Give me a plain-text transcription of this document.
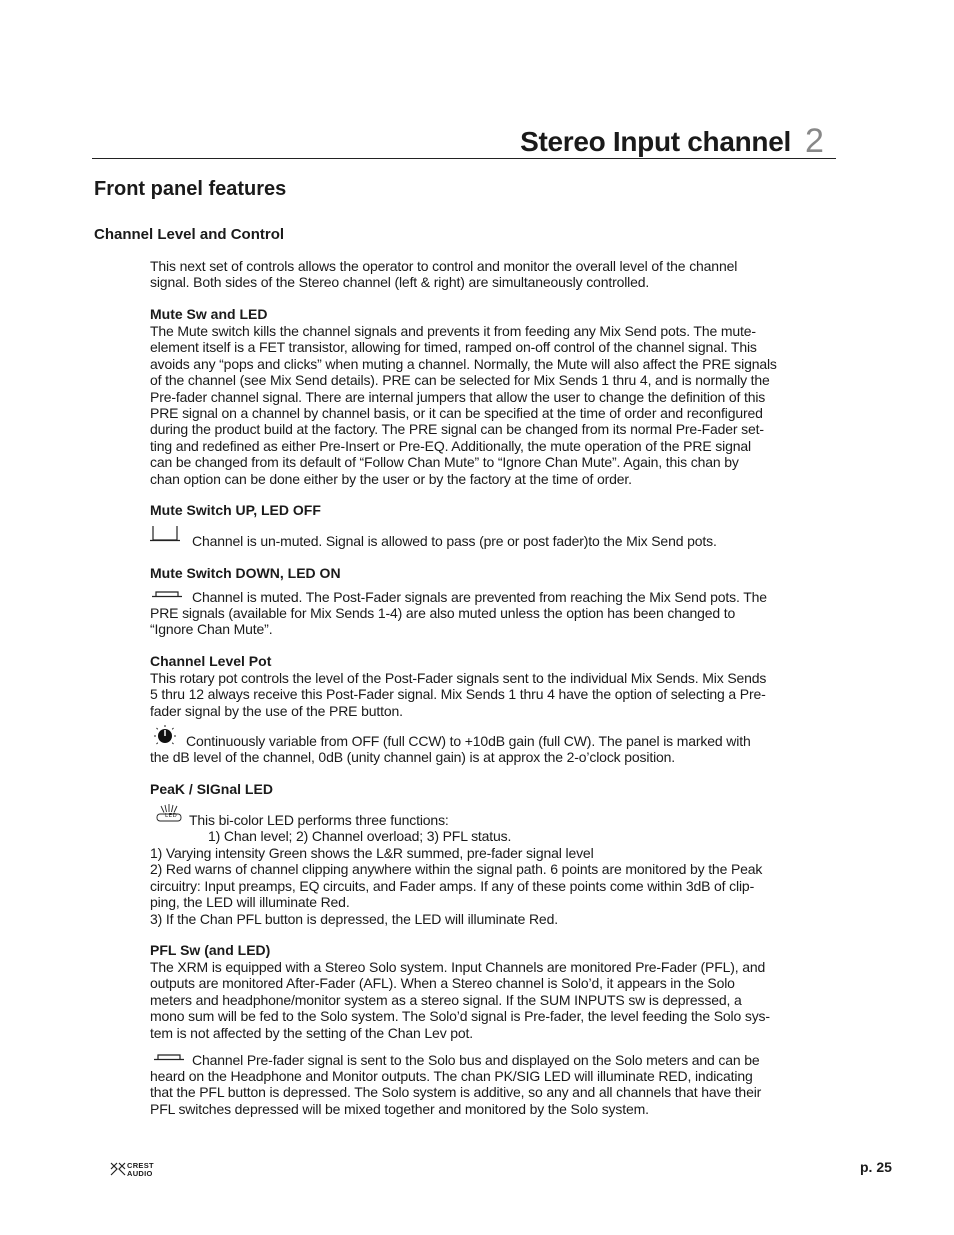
Stereo Input channel 2
Front panel features
Channel Level and Control
This next set of controls allows the operator to control and monitor the overall level of the channel
signal. Both sides of the Stereo channel (left & right) are simultaneously controlled.
Mute Sw and LED
The Mute switch kills the channel signals and prevents it from feeding any Mix Send pots. The mute-
element itself is a FET transistor, allowing for timed, ramped on-off control of the channel signal. This
avoids any “pops and clicks” when muting a channel. Normally, the Mute will also affect the PRE signals
of the channel (see Mix Send details). PRE can be selected for Mix Sends 1 thru 4, and is normally the
Pre-fader channel signal. There are internal jumpers that allow the user to change the definition of this
PRE signal on a channel by channel basis, or it can be specified at the time of order and reconfigured
during the product build at the factory. The PRE signal can be changed from its normal Pre-Fader set-
ting and redefined as either Pre-Insert or Pre-EQ. Additionally, the mute operation of the PRE signal
can be changed from its default of “Follow Chan Mute” to “Ignore Chan Mute”. Again, this chan by
chan option can be done either by the user or by the factory at the time of order.
Mute Switch UP, LED OFF
Channel is un-muted. Signal is allowed to pass (pre or post fader)to the Mix Send pots.
Mute Switch DOWN, LED ON
Channel is muted. The Post-Fader signals are prevented from reaching the Mix Send pots. The
PRE signals (available for Mix Sends 1-4) are also muted unless the option has been changed to
“Ignore Chan Mute”.
Channel Level Pot
This rotary pot controls the level of the Post-Fader signals sent to the individual Mix Sends. Mix Sends
5 thru 12 always receive this Post-Fader signal. Mix Sends 1 thru 4 have the option of selecting a Pre-
fader signal by the use of the PRE button.
Continuously variable from OFF (full CCW) to +10dB gain (full CW). The panel is marked with
the dB level of the channel, 0dB (unity channel gain) is at approx the 2-o’clock position.
PeaK / SIGnal LED
LED This bi-color LED performs three functions:
1) Chan level; 2) Channel overload; 3) PFL status.
1) Varying intensity Green shows the L&R summed, pre-fader signal level
2) Red warns of channel clipping anywhere within the signal path. 6 points are monitored by the Peak
circuitry: Input preamps, EQ circuits, and Fader amps. If any of these points come within 3dB of clip-
ping, the LED will illuminate Red.
3) If the Chan PFL button is depressed, the LED will illuminate Red.
PFL Sw (and LED)
The XRM is equipped with a Stereo Solo system. Input Channels are monitored Pre-Fader (PFL), and
outputs are monitored After-Fader (AFL). When a Stereo channel is Solo’d, it appears in the Solo
meters and headphone/monitor system as a stereo signal. If the SUM INPUTS sw is depressed, a
mono sum will be fed to the Solo system. The Solo’d signal is Pre-fader, the level feeding the Solo sys-
tem is not affected by the setting of the Chan Lev pot.
Channel Pre-fader signal is sent to the Solo bus and displayed on the Solo meters and can be
heard on the Headphone and Monitor outputs. The chan PK/SIG LED will illuminate RED, indicating
that the PFL button is depressed. The Solo system is additive, so any and all channels that have their
PFL switches depressed will be mixed together and monitored by the Solo system.
CREST
AUDIO	p. 25
